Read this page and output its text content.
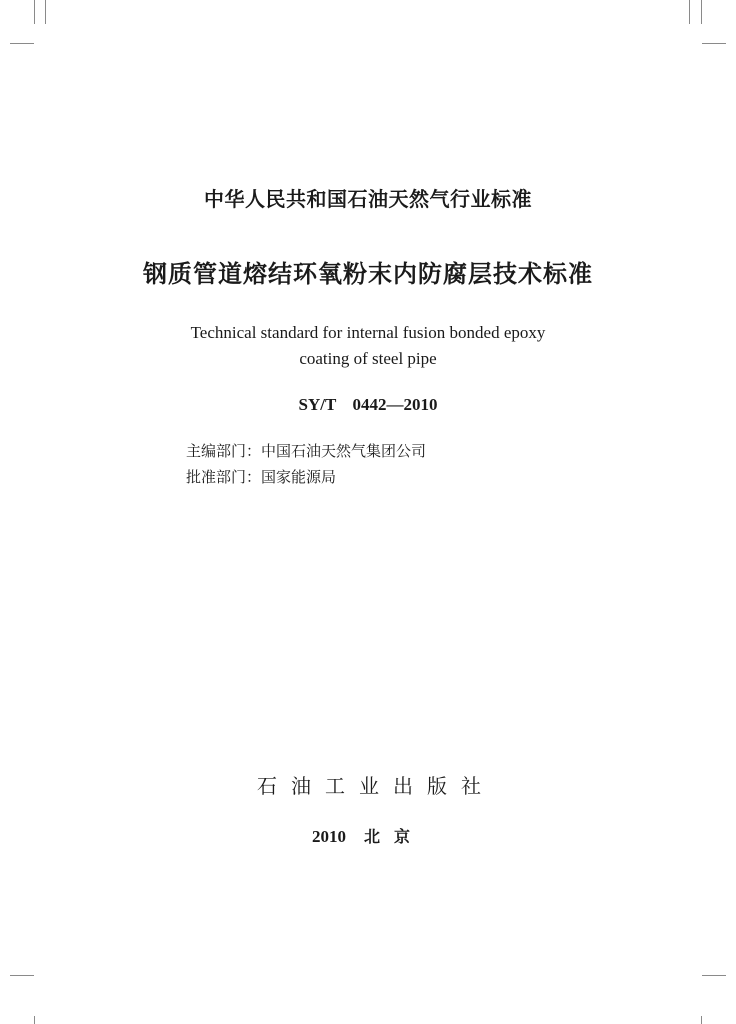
中华人民共和国石油天然气行业标准
钢质管道熔结环氧粉末内防腐层技术标准
Technical standard for internal fusion bonded epoxy
coating of steel pipe
SY/T  0442—2010
主编部门：中国石油天然气集团公司
批准部门：国家能源局
石油工业出版社
2010 北京
